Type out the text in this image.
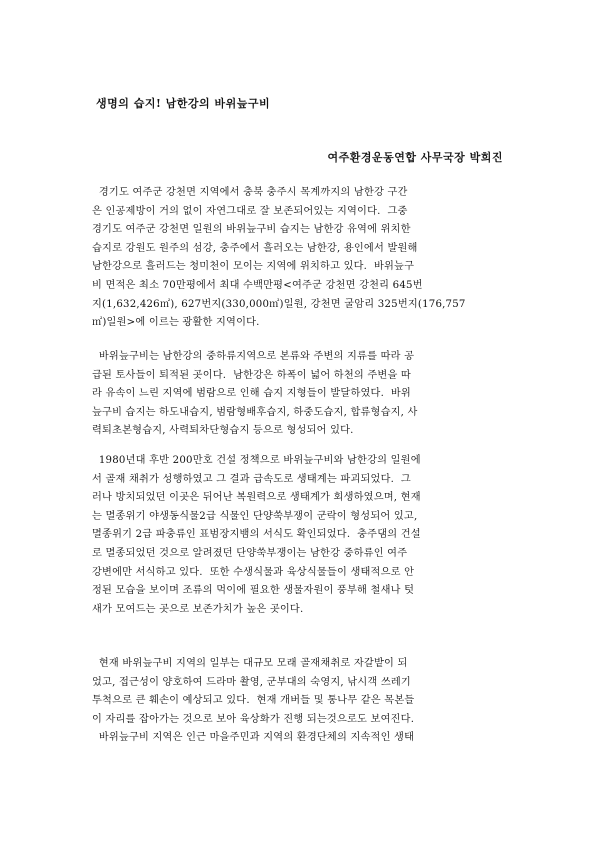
생명의 습지! 남한강의 바위늪구비
여주환경운동연합 사무국장 박희진
경기도 여주군 강천면 지역에서 충북 충주시 목계까지의 남한강 구간
은 인공제방이 거의 없이 자연그대로 잘 보존되어있는 지역이다.  그중
경기도 여주군 강천면 일원의 바위늪구비 습지는 남한강 유역에 위치한
습지로 강원도 원주의 섬강, 충주에서 흘러오는 남한강, 용인에서 발원해
남한강으로 흘러드는 청미천이 모이는 지역에 위치하고 있다.  바위늪구
비 면적은 최소 70만평에서 최대 수백만평<여주군 강천면 강천리 645번
지(1,632,426㎡), 627번지(330,000㎡)일원, 강천면 굴암리 325번지(176,757
㎡)일원>에 이르는 광활한 지역이다.
바위늪구비는 남한강의 중하류지역으로 본류와 주변의 지류를 따라 공
급된 토사들이 퇴적된 곳이다.  남한강은 하폭이 넓어 하천의 주변을 따
라 유속이 느린 지역에 범람으로 인해 습지 지형들이 발달하였다.  바위
늪구비 습지는 하도내습지, 범람형배후습지, 하중도습지, 합류형습지, 사
력퇴초본형습지, 사력퇴차단형습지 등으로 형성되어 있다.
1980년대 후반 200만호 건설 정책으로 바위늪구비와 남한강의 일원에
서 골재 채취가 성행하였고 그 결과 급속도로 생태계는 파괴되었다.  그
러나 방치되었던 이곳은 뒤어난 복원력으로 생태계가 회생하였으며, 현재
는 멸종위기 야생동식물2급 식물인 단양쑥부쟁이 군락이 형성되어 있고,
멸종위기 2급 파충류인 표범장지뱀의 서식도 확인되었다.  충주댐의 건설
로 멸종되었던 것으로 알려졌던 단양쑥부쟁이는 남한강 중하류인 여주
강변에만 서식하고 있다.  또한 수생식물과 육상식물들이 생태적으로 안
정된 모습을 보이며 조류의 먹이에 필요한 생물자원이 풍부해 철새나 텃
새가 모여드는 곳으로 보존가치가 높은 곳이다.
현재 바위늪구비 지역의 일부는 대규모 모래 골재채취로 자갈밭이 되
었고, 접근성이 양호하여 드라마 촬영, 군부대의 숙영지, 낚시객 쓰레기
투척으로 큰 훼손이 예상되고 있다.  현재 개버들 및 통나무 같은 목본들
이 자리를 잡아가는 것으로 보아 육상화가 진행 되는것으로도 보여진다.
바위늪구비 지역은 인근 마을주민과 지역의 환경단체의 지속적인 생태
